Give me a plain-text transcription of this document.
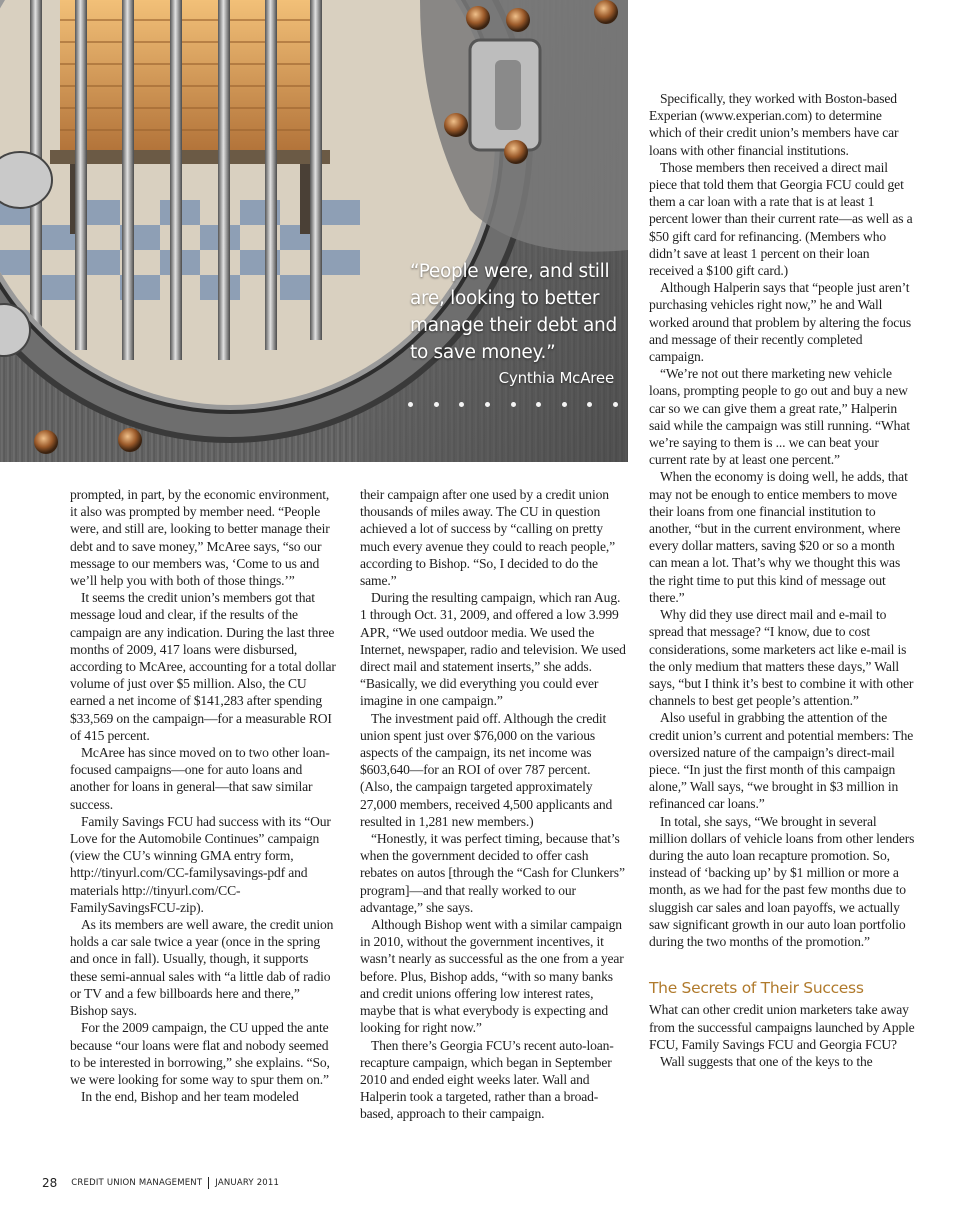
“People were, and still are, looking to better manage their debt and to save money.”
Cynthia McAree

prompted, in part, by the economic environment, it also was prompted by member need. “People were, and still are, looking to better manage their debt and to save money,” McAree says, “so our message to our members was, ‘Come to us and we’ll help you with both of those things.’”

It seems the credit union’s members got that message loud and clear, if the results of the campaign are any indication. During the last three months of 2009, 417 loans were disbursed, according to McAree, accounting for a total dollar volume of just over $5 million. Also, the CU earned a net income of $141,283 after spending $33,569 on the campaign—for a measurable ROI of 415 percent.

McAree has since moved on to two other loan-focused campaigns—one for auto loans and another for loans in general—that saw similar success.

Family Savings FCU had success with its “Our Love for the Automobile Continues” campaign (view the CU’s winning GMA entry form, http://tinyurl.com/CC-familysavings-pdf and materials http://tinyurl.com/CC-FamilySavingsFCU-zip).

As its members are well aware, the credit union holds a car sale twice a year (once in the spring and once in fall). Usually, though, it supports these semi-annual sales with “a little dab of radio or TV and a few billboards here and there,” Bishop says.

For the 2009 campaign, the CU upped the ante because “our loans were flat and nobody seemed to be interested in borrowing,” she explains. “So, we were looking for some way to spur them on.”

In the end, Bishop and her team modeled

their campaign after one used by a credit union thousands of miles away. The CU in question achieved a lot of success by “calling on pretty much every avenue they could to reach people,” according to Bishop. “So, I decided to do the same.”

During the resulting campaign, which ran Aug. 1 through Oct. 31, 2009, and offered a low 3.999 APR, “We used outdoor media. We used the Internet, newspaper, radio and television. We used direct mail and statement inserts,” she adds. “Basically, we did everything you could ever imagine in one campaign.”

The investment paid off. Although the credit union spent just over $76,000 on the various aspects of the campaign, its net income was $603,640—for an ROI of over 787 percent. (Also, the campaign targeted approximately 27,000 members, received 4,500 applicants and resulted in 1,281 new members.)

“Honestly, it was perfect timing, because that’s when the government decided to offer cash rebates on autos [through the “Cash for Clunkers” program]—and that really worked to our advantage,” she says.

Although Bishop went with a similar campaign in 2010, without the government incentives, it wasn’t nearly as successful as the one from a year before. Plus, Bishop adds, “with so many banks and credit unions offering low interest rates, maybe that is what everybody is expecting and looking for right now.”

Then there’s Georgia FCU’s recent auto-loan-recapture campaign, which began in September 2010 and ended eight weeks later. Wall and Halperin took a targeted, rather than a broad-based, approach to their campaign.

Specifically, they worked with Boston-based Experian (www.experian.com) to determine which of their credit union’s members have car loans with other financial institutions.

Those members then received a direct mail piece that told them that Georgia FCU could get them a car loan with a rate that is at least 1 percent lower than their current rate—as well as a $50 gift card for refinancing. (Members who didn’t save at least 1 percent on their loan received a $100 gift card.)

Although Halperin says that “people just aren’t purchasing vehicles right now,” he and Wall worked around that problem by altering the focus and message of their recently completed campaign.

“We’re not out there marketing new vehicle loans, prompting people to go out and buy a new car so we can give them a great rate,” Halperin said while the campaign was still running. “What we’re saying to them is ... we can beat your current rate by at least one percent.”

When the economy is doing well, he adds, that may not be enough to entice members to move their loans from one financial institution to another, “but in the current environment, where every dollar matters, saving $20 or so a month can mean a lot. That’s why we thought this was the right time to put this kind of message out there.”

Why did they use direct mail and e-mail to spread that message? “I know, due to cost considerations, some marketers act like e-mail is the only medium that matters these days,” Wall says, “but I think it’s best to combine it with other channels to best get people’s attention.”

Also useful in grabbing the attention of the credit union’s current and potential members: The oversized nature of the campaign’s direct-mail piece. “In just the first month of this campaign alone,” Wall says, “we brought in $3 million in refinanced car loans.”

In total, she says, “We brought in several million dollars of vehicle loans from other lenders during the auto loan recapture promotion. So, instead of ‘backing up’ by $1 million or more a month, as we had for the past few months due to sluggish car sales and loan payoffs, we actually saw significant growth in our auto loan portfolio during the two months of the promotion.”

The Secrets of Their Success

What can other credit union marketers take away from the successful campaigns launched by Apple FCU, Family Savings FCU and Georgia FCU?

Wall suggests that one of the keys to the

28 CREDIT UNION MANAGEMENT JANUARY 2011
